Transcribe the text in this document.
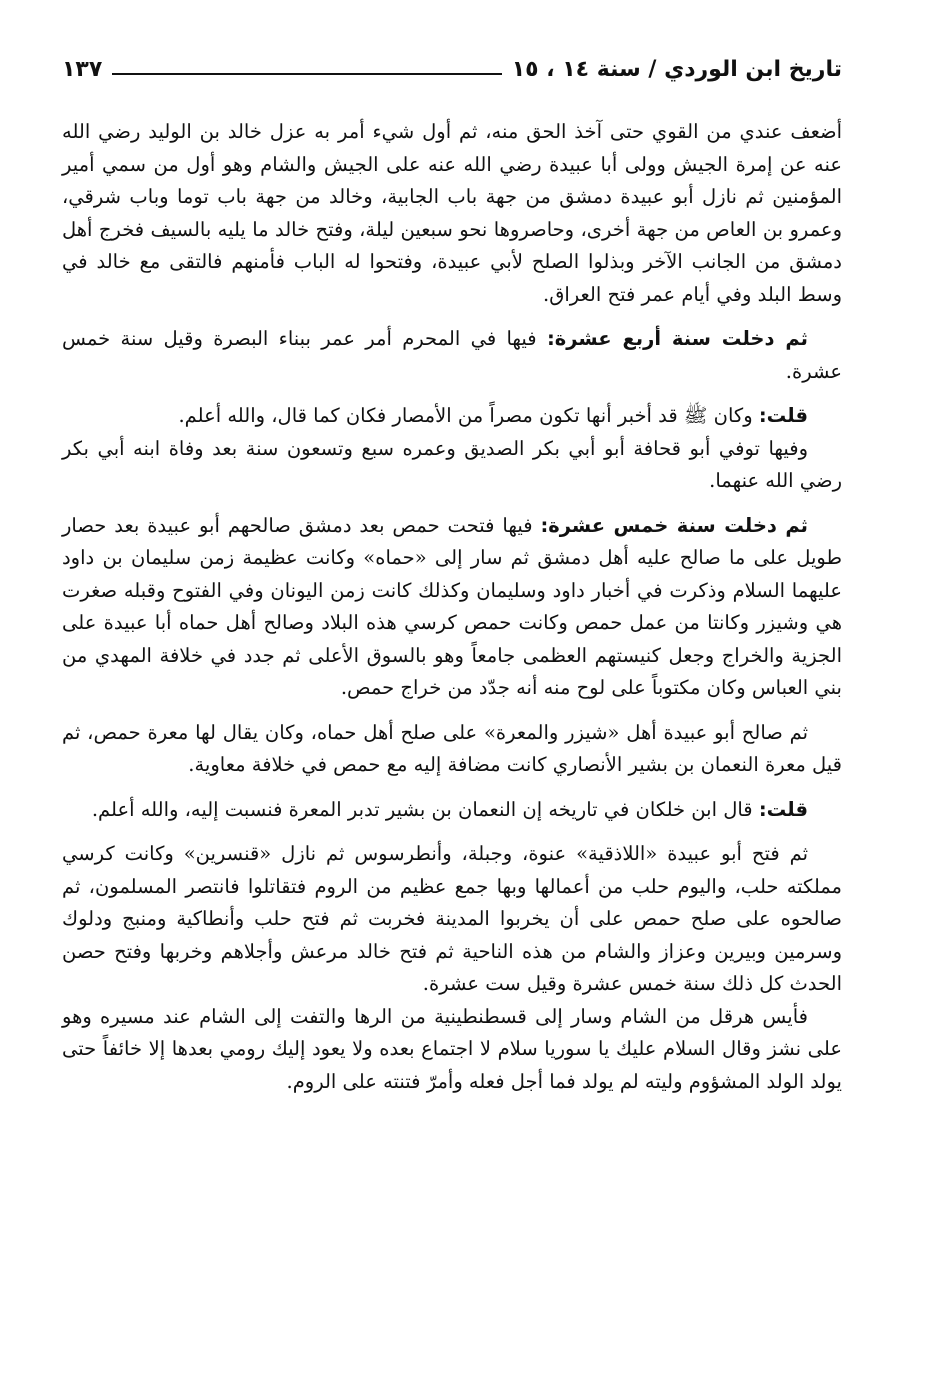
تاريخ ابن الوردي / سنة ١٤ ، ١٥
١٣٧

أضعف عندي من القوي حتى آخذ الحق منه، ثم أول شيء أمر به عزل خالد بن الوليد رضي الله عنه عن إمرة الجيش وولى أبا عبيدة رضي الله عنه على الجيش والشام وهو أول من سمي أمير المؤمنين ثم نازل أبو عبيدة دمشق من جهة باب الجابية، وخالد من جهة باب توما وباب شرقي، وعمرو بن العاص من جهة أخرى، وحاصروها نحو سبعين ليلة، وفتح خالد ما يليه بالسيف فخرج أهل دمشق من الجانب الآخر وبذلوا الصلح لأبي عبيدة، وفتحوا له الباب فأمنهم فالتقى مع خالد في وسط البلد وفي أيام عمر فتح العراق.

ثم دخلت سنة أربع عشرة: فيها في المحرم أمر عمر ببناء البصرة وقيل سنة خمس عشرة.

قلت: وكان ﷺ قد أخبر أنها تكون مصراً من الأمصار فكان كما قال، والله أعلم.

وفيها توفي أبو قحافة أبو أبي بكر الصديق وعمره سبع وتسعون سنة بعد وفاة ابنه أبي بكر رضي الله عنهما.

ثم دخلت سنة خمس عشرة: فيها فتحت حمص بعد دمشق صالحهم أبو عبيدة بعد حصار طويل على ما صالح عليه أهل دمشق ثم سار إلى «حماه» وكانت عظيمة زمن سليمان بن داود عليهما السلام وذكرت في أخبار داود وسليمان وكذلك كانت زمن اليونان وفي الفتوح وقبله صغرت هي وشيزر وكانتا من عمل حمص وكانت حمص كرسي هذه البلاد وصالح أهل حماه أبا عبيدة على الجزية والخراج وجعل كنيستهم العظمى جامعاً وهو بالسوق الأعلى ثم جدد في خلافة المهدي من بني العباس وكان مكتوباً على لوح منه أنه جدّد من خراج حمص.

ثم صالح أبو عبيدة أهل «شيزر والمعرة» على صلح أهل حماه، وكان يقال لها معرة حمص، ثم قيل معرة النعمان بن بشير الأنصاري كانت مضافة إليه مع حمص في خلافة معاوية.

قلت: قال ابن خلكان في تاريخه إن النعمان بن بشير تدبر المعرة فنسبت إليه، والله أعلم.

ثم فتح أبو عبيدة «اللاذقية» عنوة، وجبلة، وأنطرسوس ثم نازل «قنسرين» وكانت كرسي مملكته حلب، واليوم حلب من أعمالها وبها جمع عظيم من الروم فتقاتلوا فانتصر المسلمون، ثم صالحوه على صلح حمص على أن يخربوا المدينة فخربت ثم فتح حلب وأنطاكية ومنبج ودلوك وسرمين وبيرين وعزاز والشام من هذه الناحية ثم فتح خالد مرعش وأجلاهم وخربها وفتح حصن الحدث كل ذلك سنة خمس عشرة وقيل ست عشرة.

فأيس هرقل من الشام وسار إلى قسطنطينية من الرها والتفت إلى الشام عند مسيره وهو على نشز وقال السلام عليك يا سوريا سلام لا اجتماع بعده ولا يعود إليك رومي بعدها إلا خائفاً حتى يولد الولد المشؤوم وليته لم يولد فما أجل فعله وأمرّ فتنته على الروم.
